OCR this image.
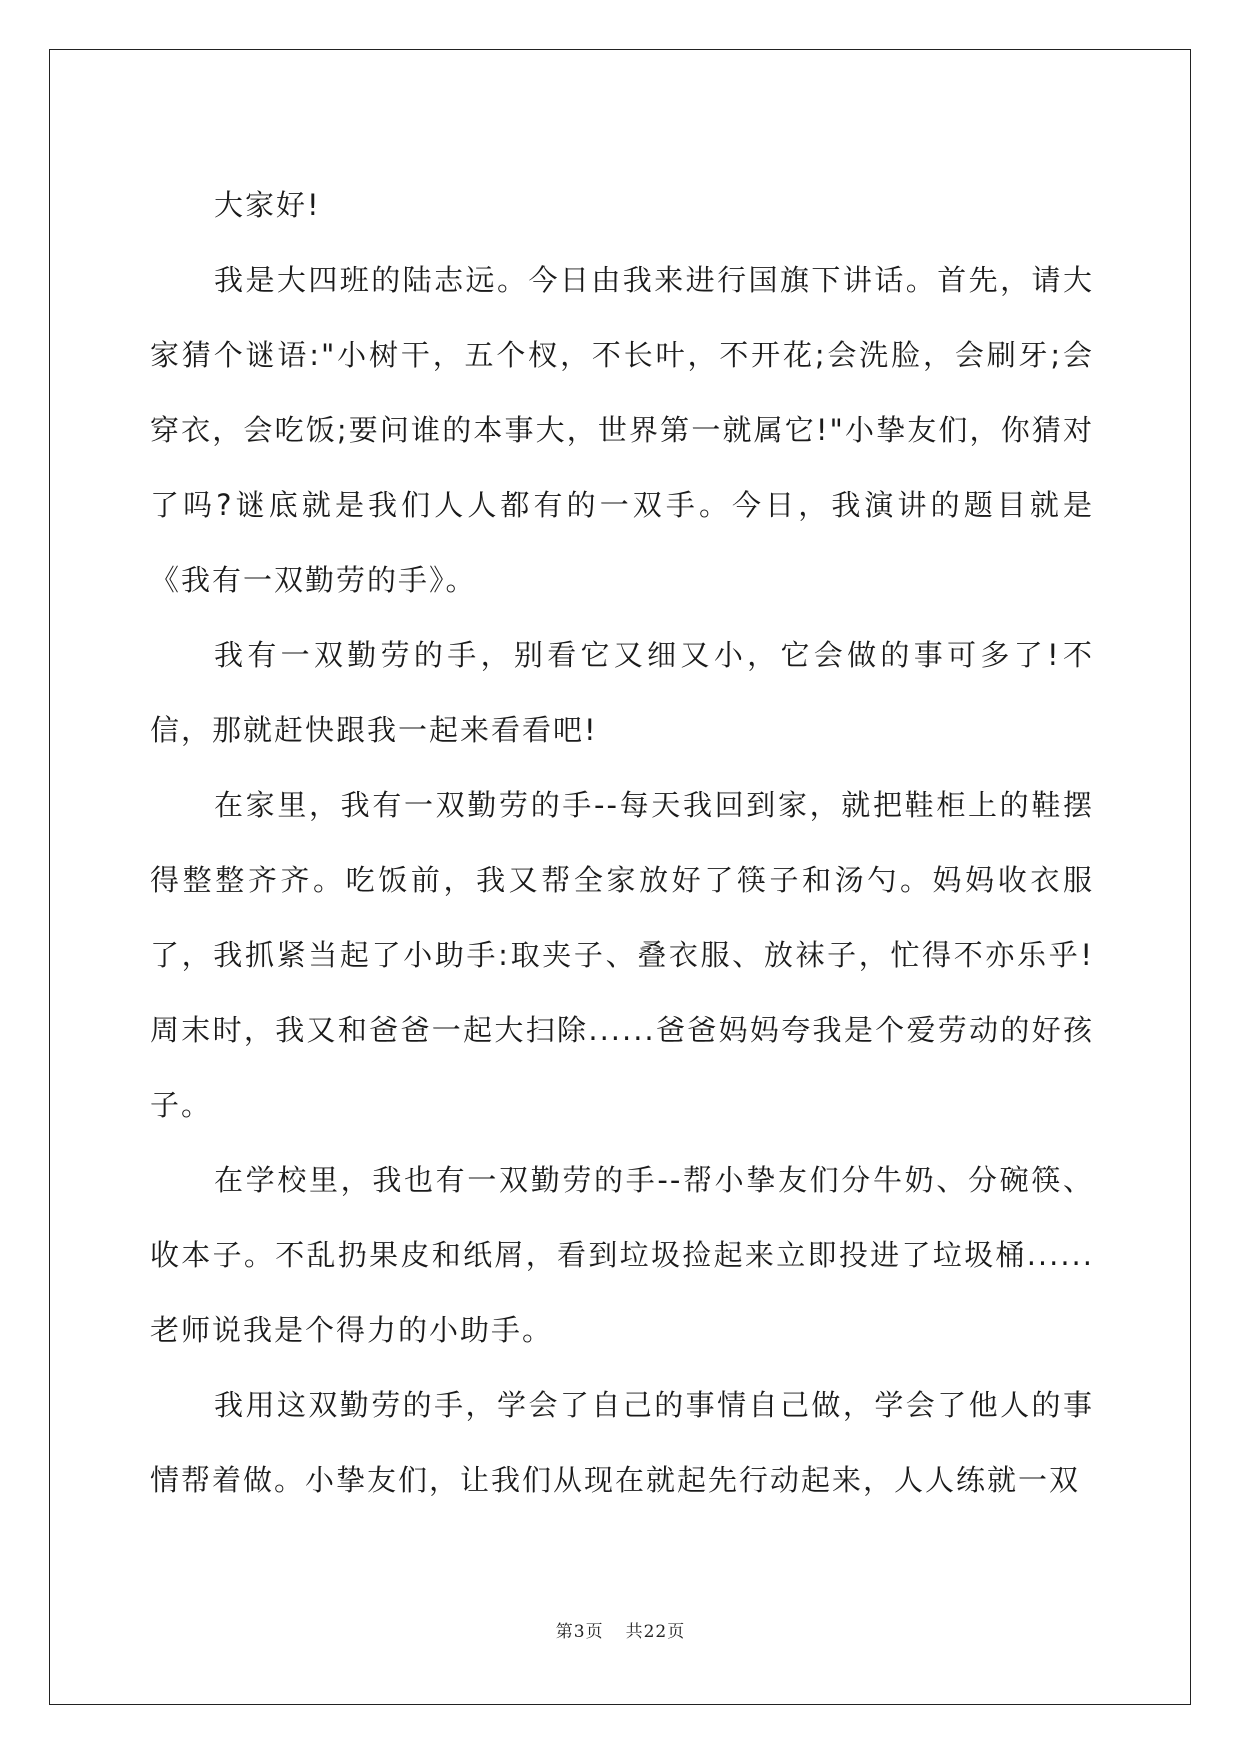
大家好!

我是大四班的陆志远。今日由我来进行国旗下讲话。首先，请大家猜个谜语:"小树干，五个杈，不长叶，不开花;会洗脸，会刷牙;会穿衣，会吃饭;要问谁的本事大，世界第一就属它!"小挚友们，你猜对了吗?谜底就是我们人人都有的一双手。今日，我演讲的题目就是《我有一双勤劳的手》。

我有一双勤劳的手，别看它又细又小，它会做的事可多了!不信，那就赶快跟我一起来看看吧!

在家里，我有一双勤劳的手--每天我回到家，就把鞋柜上的鞋摆得整整齐齐。吃饭前，我又帮全家放好了筷子和汤勺。妈妈收衣服了，我抓紧当起了小助手:取夹子、叠衣服、放袜子，忙得不亦乐乎!周末时，我又和爸爸一起大扫除......爸爸妈妈夸我是个爱劳动的好孩子。

在学校里，我也有一双勤劳的手--帮小挚友们分牛奶、分碗筷、收本子。不乱扔果皮和纸屑，看到垃圾捡起来立即投进了垃圾桶......老师说我是个得力的小助手。

我用这双勤劳的手，学会了自己的事情自己做，学会了他人的事情帮着做。小挚友们，让我们从现在就起先行动起来，人人练就一双

第3页 共22页
